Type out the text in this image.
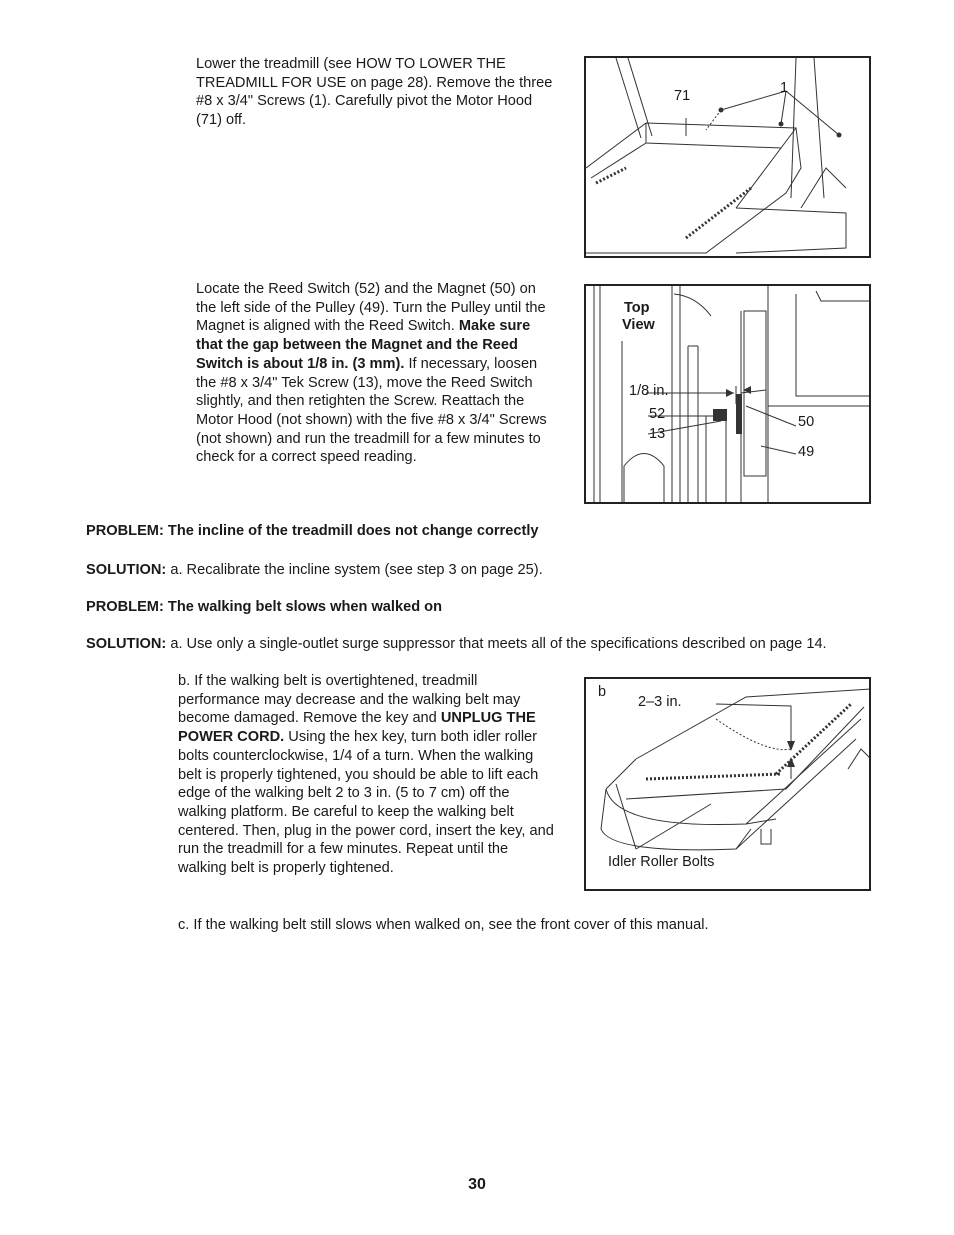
Lower the treadmill (see HOW TO LOWER THE TREADMILL FOR USE on page 28). Remove the three #8 x 3/4" Screws (1). Carefully pivot the Motor Hood (71) off.

71	1

Locate the Reed Switch (52) and the Magnet (50) on the left side of the Pulley (49). Turn the Pulley until the Magnet is aligned with the Reed Switch. Make sure that the gap between the Magnet and the Reed Switch is about 1/8 in. (3 mm). If necessary, loosen the #8 x 3/4" Tek Screw (13), move the Reed Switch slightly, and then retighten the Screw. Reattach the Motor Hood (not shown) with the five #8 x 3/4" Screws (not shown) and run the treadmill for a few minutes to check for a correct speed reading.

Top
View
1/8 in.
52
13
50
49
PROBLEM: The incline of the treadmill does not change correctly
SOLUTION: a. Recalibrate the incline system (see step 3 on page 25).
PROBLEM: The walking belt slows when walked on
SOLUTION: a. Use only a single-outlet surge suppressor that meets all of the specifications described on page 14.

b. If the walking belt is overtightened, treadmill performance may decrease and the walking belt may become damaged. Remove the key and UNPLUG THE POWER CORD. Using the hex key, turn both idler roller bolts counterclockwise, 1/4 of a turn. When the walking belt is properly tightened, you should be able to lift each edge of the walking belt 2 to 3 in. (5 to 7 cm) off the walking platform. Be careful to keep the walking belt centered. Then, plug in the power cord, insert the key, and run the treadmill for a few minutes. Repeat until the walking belt is properly tightened.

b
2–3 in.
Idler Roller Bolts
c. If the walking belt still slows when walked on, see the front cover of this manual.
30
